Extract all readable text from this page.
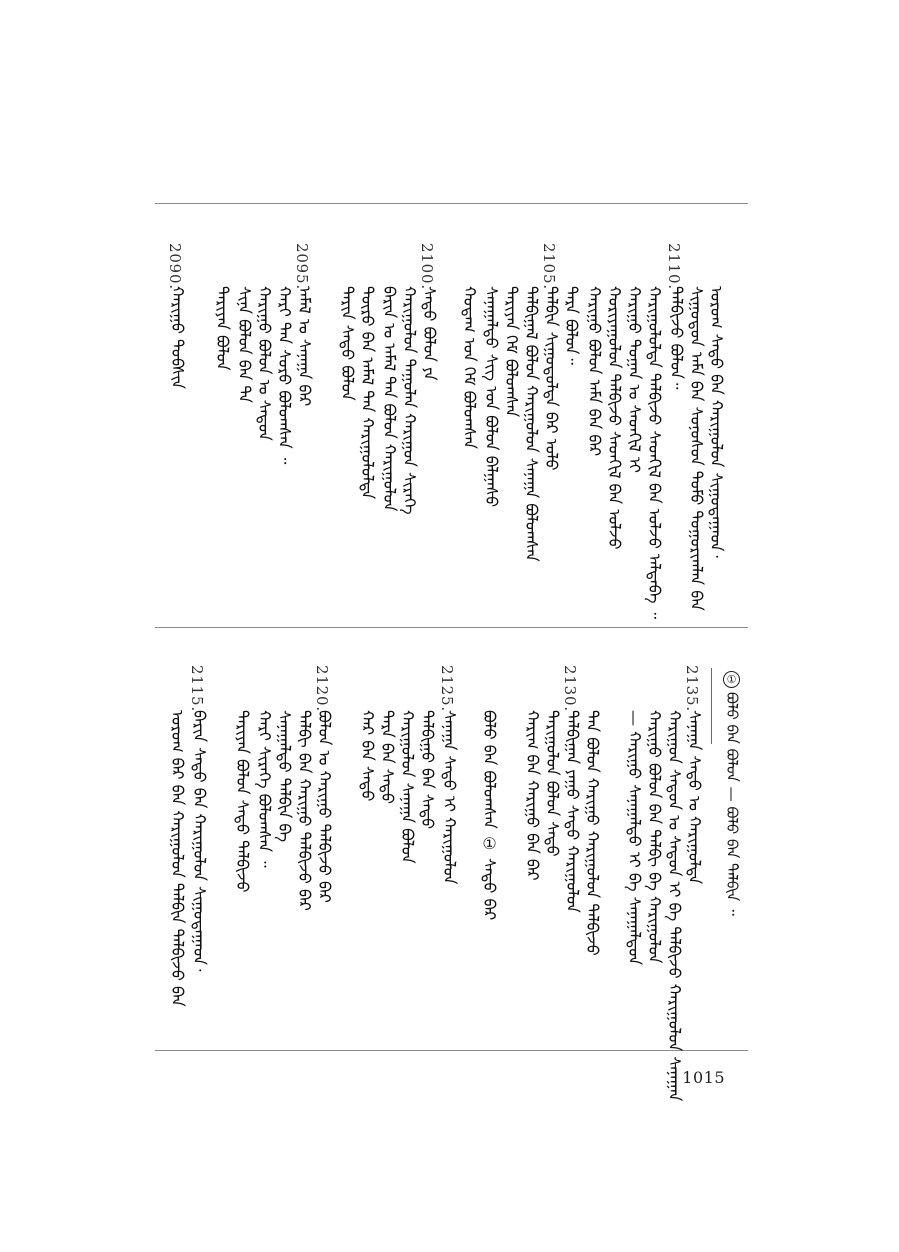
ᠤᠷᠤᠭ ᠰᠠᠳᠤ ᠪᠡᠨ ᠬᠠᠷᠢᠭᠤᠯᠤᠨ ᠰᠢᠭᠤᠳᠠᠭᠠᠳ᠂
ᠰᠢᠭᠤᠳᠤᠨ ᠠᠮᠠ ᠪᠠᠨ ᠰᠣᠨᠤᠰᠤᠨ ᠲᠤᠮᠤ ᠳᠤᠭᠤᠷᠢᠭᠯᠠᠨ ᠪᠠᠨ
ᠲᠠᠯᠪᠢᠵᠤ ᠪᠣᠯᠤᠨ᠃
ᠬᠠᠷᠢᠭᠤᠯᠤᠯᠲᠠ ᠲᠠᠯᠪᠢᠵᠤ ᠰᠡᠳᠬᠢᠯ ᠪᠠᠨ ᠣᠯᠵᠤ ᠠᠯᠳᠠᠪᠠ ᠃
ᠬᠠᠷᠢᠭᠤ ᠲᠣᠭᠠᠨ ᠤ ᠰᠡᠳᠬᠢᠯ ᠢ
ᠬᠤᠷᠢᠶᠠᠭᠤᠯᠤᠨ ᠲᠠᠯᠪᠢᠵᠤ ᠰᠡᠳᠬᠢᠯ ᠪᠠᠨ ᠣᠯᠵᠤ
ᠬᠠᠷᠢᠭᠤ ᠪᠣᠯᠤᠨ ᠠᠮᠠ ᠪᠠᠨ ᠪᠠᠷ
ᠲᠡᠷᠡ ᠪᠣᠯᠤᠨ᠃
ᠲᠠᠯᠪᠢᠨ ᠰᠢᠭᠤᠳᠤᠯᠲᠠ ᠪᠠᠷ ᠤᠯᠤ
ᠲᠠᠯᠪᠢᠭᠠᠯ ᠪᠣᠯᠤᠨ ᠬᠠᠷᠢᠭᠤᠯᠤᠨ ᠰᠠᠨᠠᠭᠠ ᠪᠣᠯᠤᠭᠰᠠᠨ
ᠲᠠᠷᠢᠶᠠᠨ ᠬᠡᠮ ᠪᠣᠯᠤᠭᠰᠠᠨ
ᠰᠠᠨᠠᠭᠠᠯᠲᠤ ᠰᠢᠭ ᠤᠨ ᠪᠣᠯᠤᠨ ᠪᠠᠯᠭᠠᠰᠤ
ᠬᠤᠲᠠᠭ ᠤᠨ ᠬᠡᠮ ᠪᠣᠯᠤᠭᠰᠠᠨ
ᠰᠠᠳᠤ ᠪᠣᠯᠤᠨ ᠶᠠ
ᠬᠠᠷᠢᠭᠤᠯᠤᠨ ᠲᠠᠭᠤᠯᠠᠨ ᠬᠠᠷᠢᠭᠤᠨ ᠰᠢᠷᠡᠭᠡ
ᠪᠠᠷᠢᠨ ᠤ ᠠᠮᠠᠯ ᠲᠠᠨ ᠪᠣᠯᠤᠨ ᠬᠠᠷᠢᠭᠤᠯᠤᠨ
ᠲᠦᠷᠦ ᠪᠠᠨ ᠠᠮᠠᠯ ᠲᠠᠨ ᠬᠠᠷᠢᠭᠤᠯᠤᠯᠲᠠ
ᠲᠠᠷᠢᠨ ᠰᠠᠳᠤ ᠪᠣᠯᠤᠨ
ᠠᠮᠠᠯ ᠤ ᠰᠠᠨᠠᠭᠠ ᠪᠠᠷ
ᠬᠠᠷᠢ ᠲᠠᠨ ᠰᠤᠷᠤ ᠪᠣᠯᠤᠭᠰᠠᠨ ᠃
ᠬᠠᠷᠢᠭᠤ ᠪᠣᠯᠤᠨ ᠤ ᠰᠠᠳᠤᠨ
ᠰᠢᠨᠡ ᠪᠣᠯᠤᠨ ᠪᠠᠨ ᠲᠠ
ᠲᠠᠷᠢᠶᠠᠨ ᠪᠣᠯᠤᠨ
ᠬᠠᠷᠢᠭᠤ ᠲᠤᠪᠰᠢᠨ
2110.
2105.
2100.
2095.
2090.
①
ᠪᠣᠯᠤ ᠪᠠᠨ ᠪᠣᠯᠤᠨ — ᠪᠣᠯᠤ ᠪᠠᠨ ᠲᠠᠯᠪᠢᠨ ᠃
ᠰᠠᠨᠠᠭᠠ ᠰᠠᠳᠤ ᠤ ᠬᠠᠷᠢᠭᠤᠯᠲᠠ
ᠬᠠᠷᠢᠭᠤᠨ ᠰᠠᠳᠤᠨ ᠤ ᠰᠠᠳᠤᠨ ᠢ ᠪᠠ ᠲᠠᠯᠪᠢᠵᠤ ᠬᠠᠷᠢᠭᠤᠯᠤᠨ ᠰᠠᠨᠠᠭᠠᠨ
ᠬᠠᠷᠢᠭᠤ ᠪᠣᠯᠤᠨ ᠪᠠᠨ ᠲᠠᠯᠪᠢ ᠪᠠ ᠬᠠᠷᠢᠭᠤᠯᠤᠨ
— ᠬᠠᠷᠢᠭᠤ ᠰᠠᠨᠠᠭᠠᠯᠲᠤ ᠢ ᠪᠠ ᠰᠠᠨᠠᠭᠠᠯᠲᠤᠨ
ᠲᠠᠨ ᠪᠣᠯᠤᠨ ᠬᠠᠷᠢᠭᠤ ᠬᠠᠷᠢᠭᠤᠯᠤᠨ ᠲᠠᠯᠪᠢᠵᠤ
ᠲᠠᠯᠪᠢᠭᠠᠨ ᠶᠠᠭᠤ ᠰᠠᠳᠤ ᠬᠠᠷᠢᠭᠤᠯᠤᠨ
ᠲᠠᠷᠢᠭᠤᠯᠤᠨ ᠪᠣᠯᠤᠨ ᠰᠠᠳᠤ
ᠬᠠᠷᠢᠭ ᠪᠠᠨ ᠬᠠᠷᠢᠭᠤ ᠪᠠᠨ ᠪᠠᠷ
ᠪᠣᠯᠤ ᠪᠠᠨ ᠪᠣᠯᠤᠭᠰᠠᠨ ① ᠰᠠᠳᠤ ᠪᠠᠷ
ᠰᠠᠨᠠᠭᠠ ᠰᠠᠳᠤ ᠢ ᠬᠠᠷᠢᠭᠤᠯᠤᠨ
ᠲᠠᠯᠪᠢᠭᠤ ᠪᠠᠨ ᠰᠠᠳᠤ
ᠬᠠᠷᠢᠭᠤᠯᠤᠨ ᠰᠠᠨᠠᠭᠠ ᠪᠣᠯᠤᠨ
ᠲᠡᠷᠡ ᠪᠠᠨ ᠰᠠᠳᠤ
ᠬᠠᠷ ᠪᠠᠨ ᠰᠠᠳᠤ
ᠪᠣᠯᠤᠨ ᠤ ᠬᠠᠷᠢᠭᠤ ᠲᠠᠯᠪᠢᠵᠤ ᠪᠠᠷ
ᠲᠠᠯᠪᠢ ᠪᠠᠨ ᠬᠠᠷᠢᠭᠤ ᠲᠠᠯᠪᠢᠵᠤ ᠪᠠᠷ
ᠰᠠᠨᠠᠭᠠᠯᠲᠤ ᠲᠠᠯᠪᠢᠨ ᠪᠠ
ᠬᠠᠷᠢ ᠰᠢᠷᠡᠭᠡ ᠪᠣᠯᠤᠭᠰᠠᠨ ᠃
ᠲᠠᠷᠢᠶᠠᠨ ᠪᠣᠯᠤᠨ ᠰᠠᠳᠤ ᠲᠠᠯᠪᠢᠵᠤ
ᠪᠠᠷᠢᠨ ᠰᠠᠳᠤ ᠪᠠᠨ ᠬᠠᠷᠢᠭᠤᠯᠤᠨ ᠰᠢᠭᠤᠳᠠᠭᠠᠳ᠂
ᠤᠷᠤᠭ ᠪᠠᠷ ᠪᠠᠨ ᠬᠠᠷᠢᠭᠤᠯᠤᠨ ᠲᠠᠯᠪᠢᠨ ᠲᠠᠯᠪᠢᠵᠤ ᠪᠠᠨ
2135.
2130.
2125.
2120.
2115.
1015
